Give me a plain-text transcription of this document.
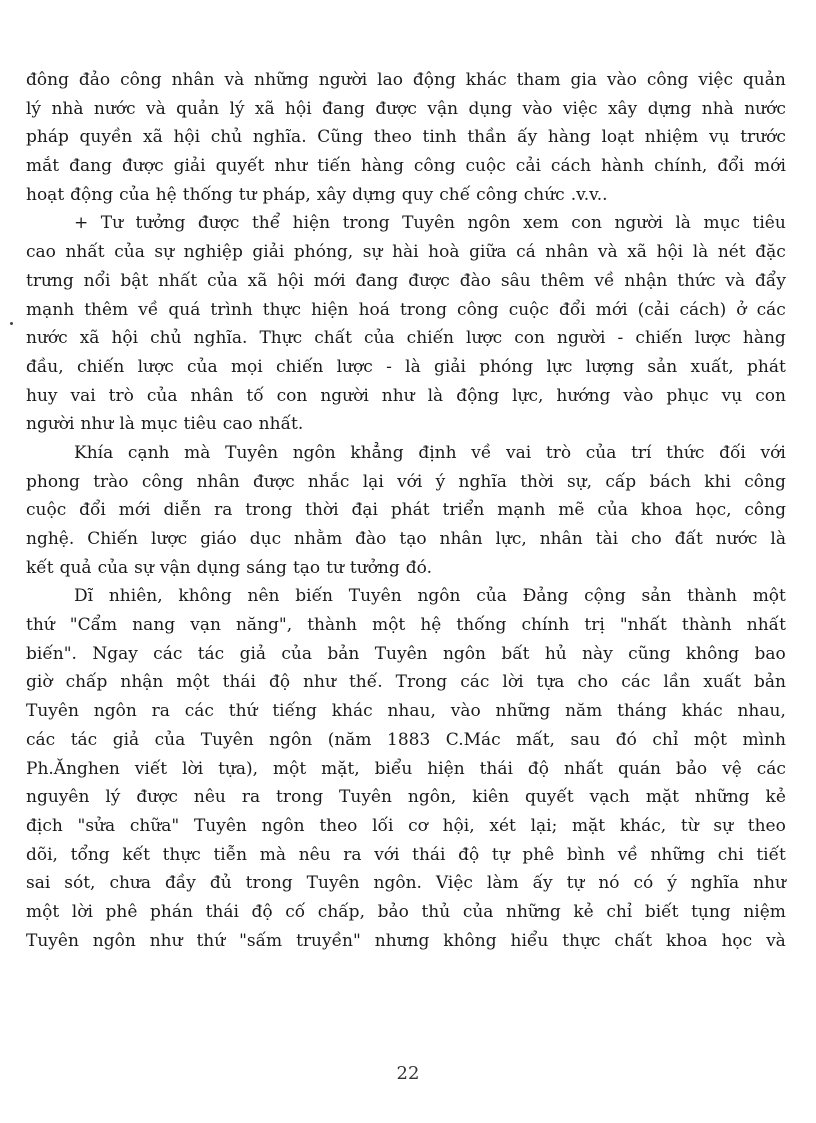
đông đảo công nhân và những người lao động khác tham gia vào công việc quản
lý nhà nước và quản lý xã hội đang được vận dụng vào việc xây dựng nhà nước
pháp quyền xã hội chủ nghĩa. Cũng theo tinh thần ấy hàng loạt nhiệm vụ trước
mắt đang được giải quyết như tiến hàng công cuộc cải cách hành chính, đổi mới
hoạt động của hệ thống tư pháp, xây dựng quy chế công chức .v.v..
+ Tư tưởng được thể hiện trong Tuyên ngôn xem con người là mục tiêu
cao nhất của sự nghiệp giải phóng, sự hài hoà giữa cá nhân và xã hội là nét đặc
trưng nổi bật nhất của xã hội mới đang được đào sâu thêm về nhận thức và đẩy
mạnh thêm về quá trình thực hiện hoá trong công cuộc đổi mới (cải cách) ở các
nước xã hội chủ nghĩa. Thực chất của chiến lược con người - chiến lược hàng
đầu, chiến lược của mọi chiến lược - là giải phóng lực lượng sản xuất, phát
huy vai trò của nhân tố con người như là động lực, hướng vào phục vụ con
người như là mục tiêu cao nhất.
Khía cạnh mà Tuyên ngôn khẳng định về vai trò của trí thức đối với
phong trào công nhân được nhắc lại với ý nghĩa thời sự, cấp bách khi công
cuộc đổi mới diễn ra trong thời đại phát triển mạnh mẽ của khoa học, công
nghệ. Chiến lược giáo dục nhằm đào tạo nhân lực, nhân tài cho đất nước là
kết quả của sự vận dụng sáng tạo tư tưởng đó.
Dĩ nhiên, không nên biến Tuyên ngôn của Đảng cộng sản thành một
thứ "Cẩm nang vạn năng", thành một hệ thống chính trị "nhất thành nhất
biến". Ngay các tác giả của bản Tuyên ngôn bất hủ này cũng không bao
giờ chấp nhận một thái độ như thế. Trong các lời tựa cho các lần xuất bản
Tuyên ngôn ra các thứ tiếng khác nhau, vào những năm tháng khác nhau,
các tác giả của Tuyên ngôn (năm 1883 C.Mác mất, sau đó chỉ một mình
Ph.Ănghen viết lời tựa), một mặt, biểu hiện thái độ nhất quán bảo vệ các
nguyên lý được nêu ra trong Tuyên ngôn, kiên quyết vạch mặt những kẻ
địch "sửa chữa" Tuyên ngôn theo lối cơ hội, xét lại; mặt khác, từ sự theo
dõi, tổng kết thực tiễn mà nêu ra với thái độ tự phê bình về những chi tiết
sai sót, chưa đầy đủ trong Tuyên ngôn. Việc làm ấy tự nó có ý nghĩa như
một lời phê phán thái độ cố chấp, bảo thủ của những kẻ chỉ biết tụng niệm
Tuyên ngôn như thứ "sấm truyền" nhưng không hiểu thực chất khoa học và
22
